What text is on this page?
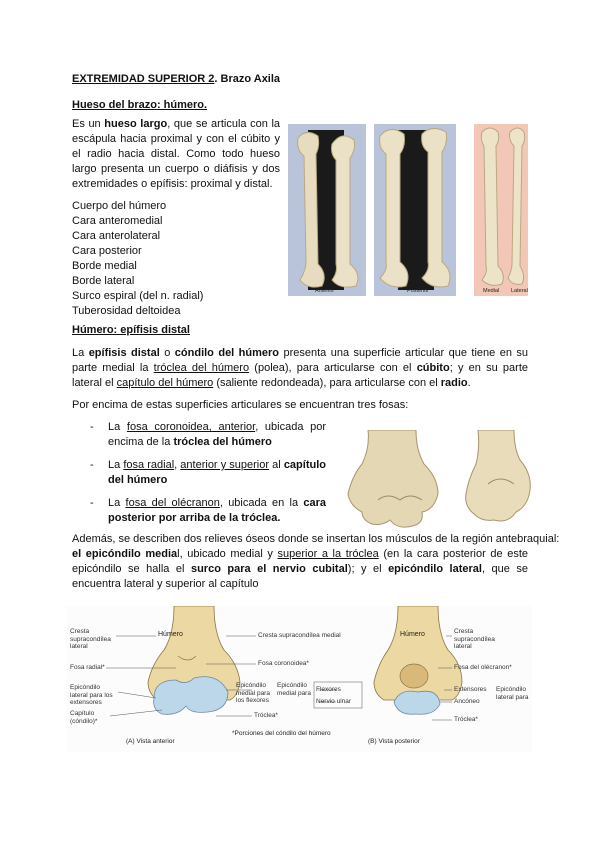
EXTREMIDAD SUPERIOR 2. Brazo Axila
Hueso del brazo: húmero.
Es un hueso largo, que se articula con la escápula hacia proximal y con el cúbito y el radio hacia distal. Como todo hueso largo presenta un cuerpo o diáfisis y dos extremidades o epífisis: proximal y distal.
Cuerpo del húmero
Cara anteromedial
Cara anterolateral
Cara posterior
Borde medial
Borde lateral
Surco espiral (del n. radial)
Tuberosidad deltoidea
Anterior	Posterior	Medial Lateral
Húmero: epífisis distal
La epífisis distal o cóndilo del húmero presenta una superficie articular que tiene en su parte medial la tróclea del húmero (polea), para articularse con el cúbito; y en su parte lateral el capítulo del húmero (saliente redondeada), para articularse con el radio.
Por encima de estas superficies articulares se encuentran tres fosas:
- La fosa coronoidea, anterior, ubicada por encima de la tróclea del húmero
- La fosa radial, anterior y superior al capítulo del húmero
- La fosa del olécranon, ubicada en la cara posterior por arriba de la tróclea.
Además, se describen dos relieves óseos donde se insertan los músculos de la región antebraquial:
el epicóndilo medial, ubicado medial y superior a la tróclea (en la cara posterior de este epicóndilo se halla el surco para el nervio cubital); y el epicóndilo lateral, que se encuentra lateral y superior al capítulo
Húmero
Cresta supracondílea lateral
Fosa radial*
Epicóndilo lateral para los extensores
Capítulo (cóndilo)*
Cresta supracondílea medial
Fosa coronoidea*
Epicóndilo medial para los flexores
Tróclea*
Epicóndilo medial para Flexores
Nervio ulnar
(A) Vista anterior
*Porciones del cóndilo del húmero
Húmero	Cresta supracondílea lateral
Fosa del olécranon*
Extensores
Ancóneo
Tróclea*
Epicóndilo lateral para
(B) Vista posterior
